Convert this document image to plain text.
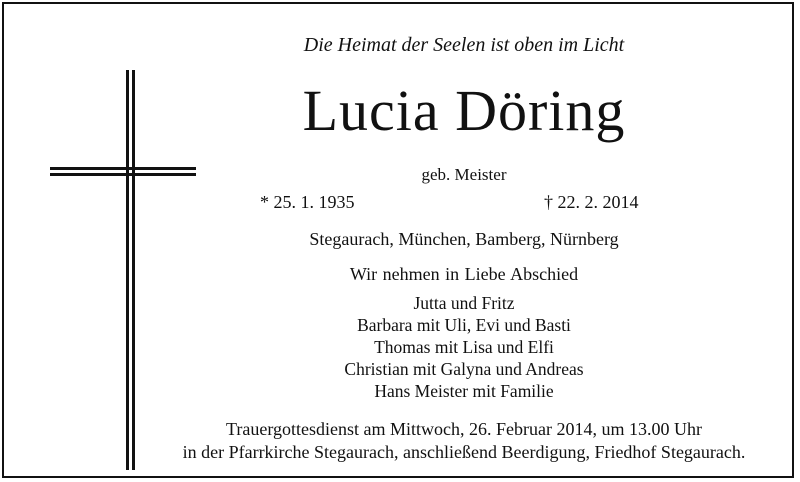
Die Heimat der Seelen ist oben im Licht
Lucia Döring
geb. Meister
* 25. 1. 1935	† 22. 2. 2014
Stegaurach, München, Bamberg, Nürnberg
Wir nehmen in Liebe Abschied
Jutta und Fritz
Barbara mit Uli, Evi und Basti
Thomas mit Lisa und Elfi
Christian mit Galyna und Andreas
Hans Meister mit Familie
Trauergottesdienst am Mittwoch, 26. Februar 2014, um 13.00 Uhr
in der Pfarrkirche Stegaurach, anschließend Beerdigung, Friedhof Stegaurach.
